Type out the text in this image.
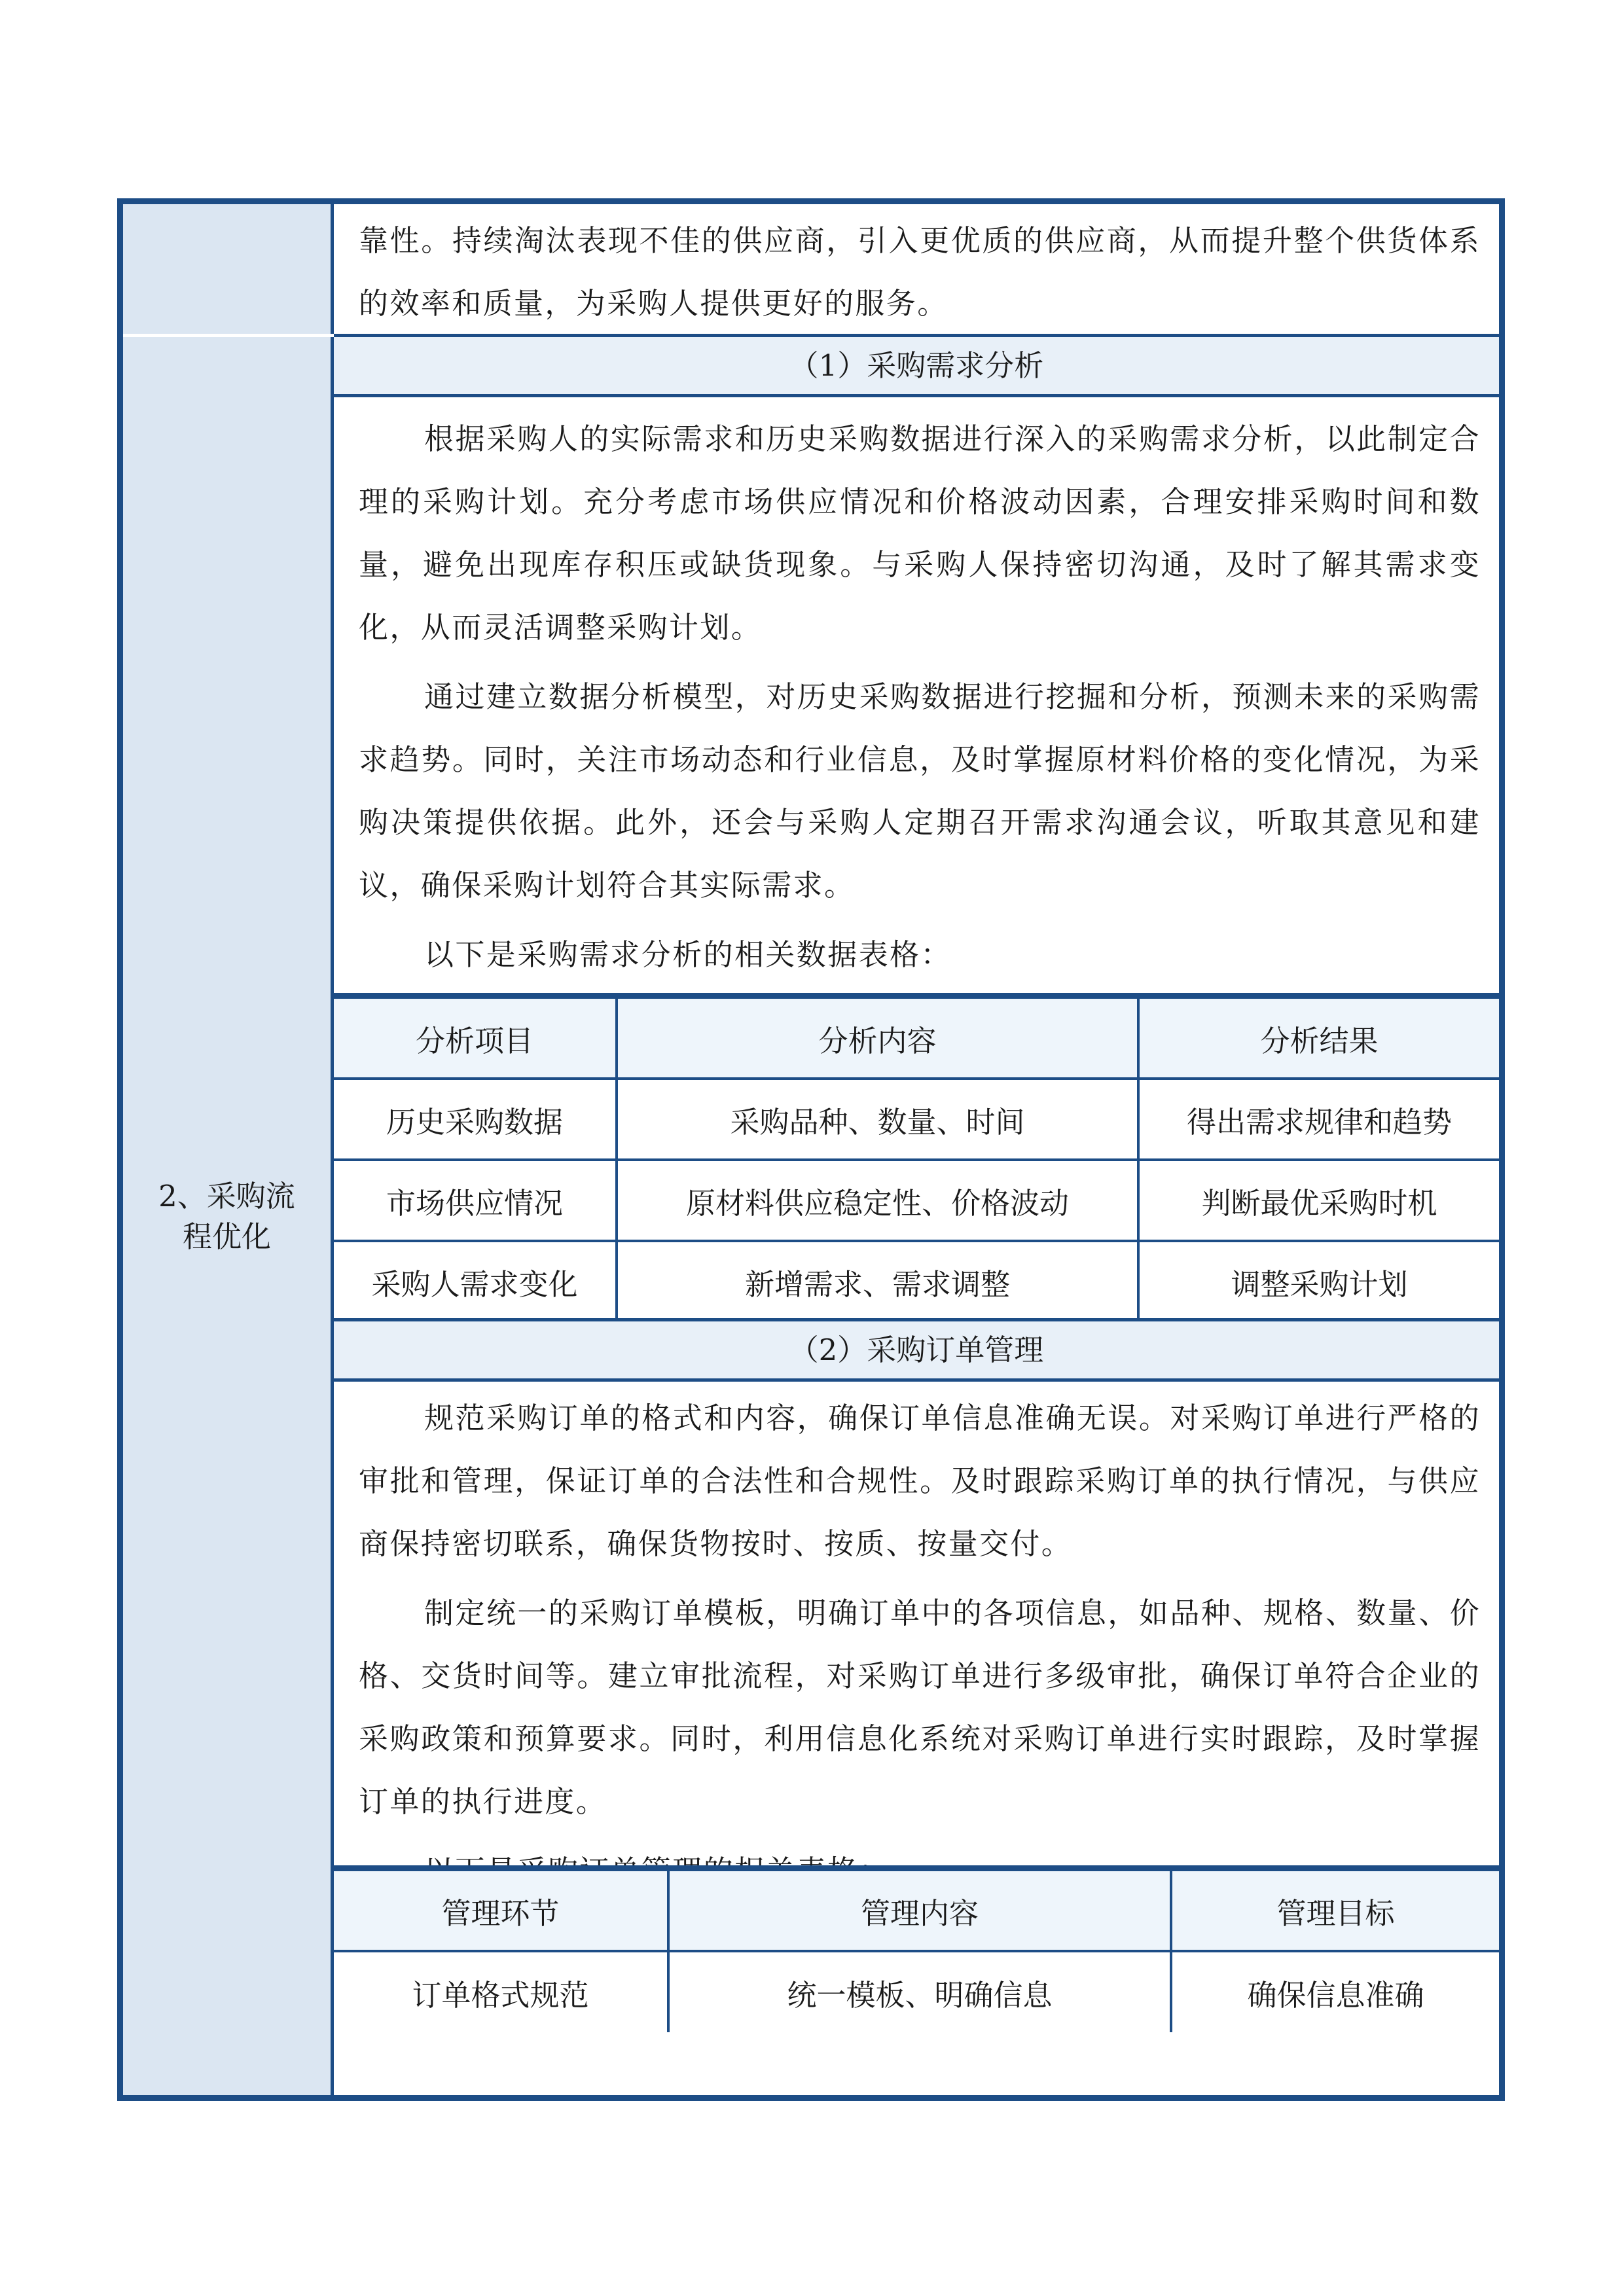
靠性。持续淘汰表现不佳的供应商，引入更优质的供应商，从而提升整个供货体系的效率和质量，为采购人提供更好的服务。

2、采购流
程优化
（1）采购需求分析

根据采购人的实际需求和历史采购数据进行深入的采购需求分析，以此制定合理的采购计划。充分考虑市场供应情况和价格波动因素，合理安排采购时间和数量，避免出现库存积压或缺货现象。与采购人保持密切沟通，及时了解其需求变化，从而灵活调整采购计划。

通过建立数据分析模型，对历史采购数据进行挖掘和分析，预测未来的采购需求趋势。同时，关注市场动态和行业信息，及时掌握原材料价格的变化情况，为采购决策提供依据。此外，还会与采购人定期召开需求沟通会议，听取其意见和建议，确保采购计划符合其实际需求。

以下是采购需求分析的相关数据表格：

分析项目	分析内容	分析结果
历史采购数据	采购品种、数量、时间	得出需求规律和趋势
市场供应情况	原材料供应稳定性、价格波动	判断最优采购时机
采购人需求变化	新增需求、需求调整	调整采购计划
（2）采购订单管理

规范采购订单的格式和内容，确保订单信息准确无误。对采购订单进行严格的审批和管理，保证订单的合法性和合规性。及时跟踪采购订单的执行情况，与供应商保持密切联系，确保货物按时、按质、按量交付。

制定统一的采购订单模板，明确订单中的各项信息，如品种、规格、数量、价格、交货时间等。建立审批流程，对采购订单进行多级审批，确保订单符合企业的采购政策和预算要求。同时，利用信息化系统对采购订单进行实时跟踪，及时掌握订单的执行进度。

管理环节	管理内容	管理目标
订单格式规范	统一模板、明确信息	确保信息准确
